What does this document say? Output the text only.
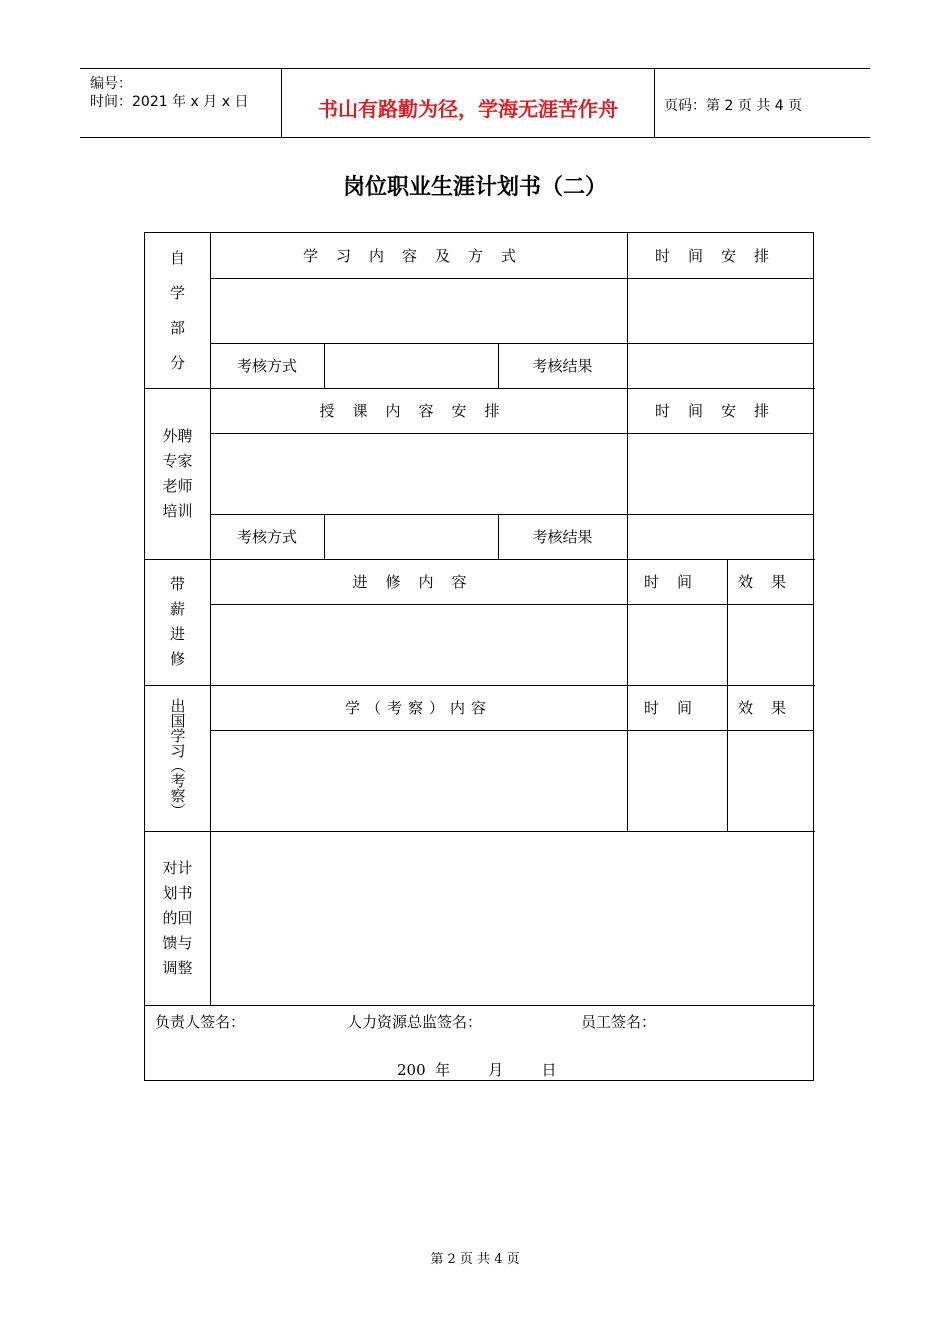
编号：
时间：2021 年 x 月 x 日	书山有路勤为径，学海无涯苦作舟	页码：第 2 页 共 4 页
岗位职业生涯计划书（二）
自学部分
学习内容及方式	时间安排
考核方式	考核结果
外聘专家老师培训
授课内容安排	时间安排
考核方式	考核结果
带薪进修
进修内容	时间	效果
出国学习（考察）	学（考察）内容	时间	效果
对计划书的回馈与调整
负责人签名：	人力资源总监签名：	员工签名：
200  年        月        日
第 2 页 共 4 页
